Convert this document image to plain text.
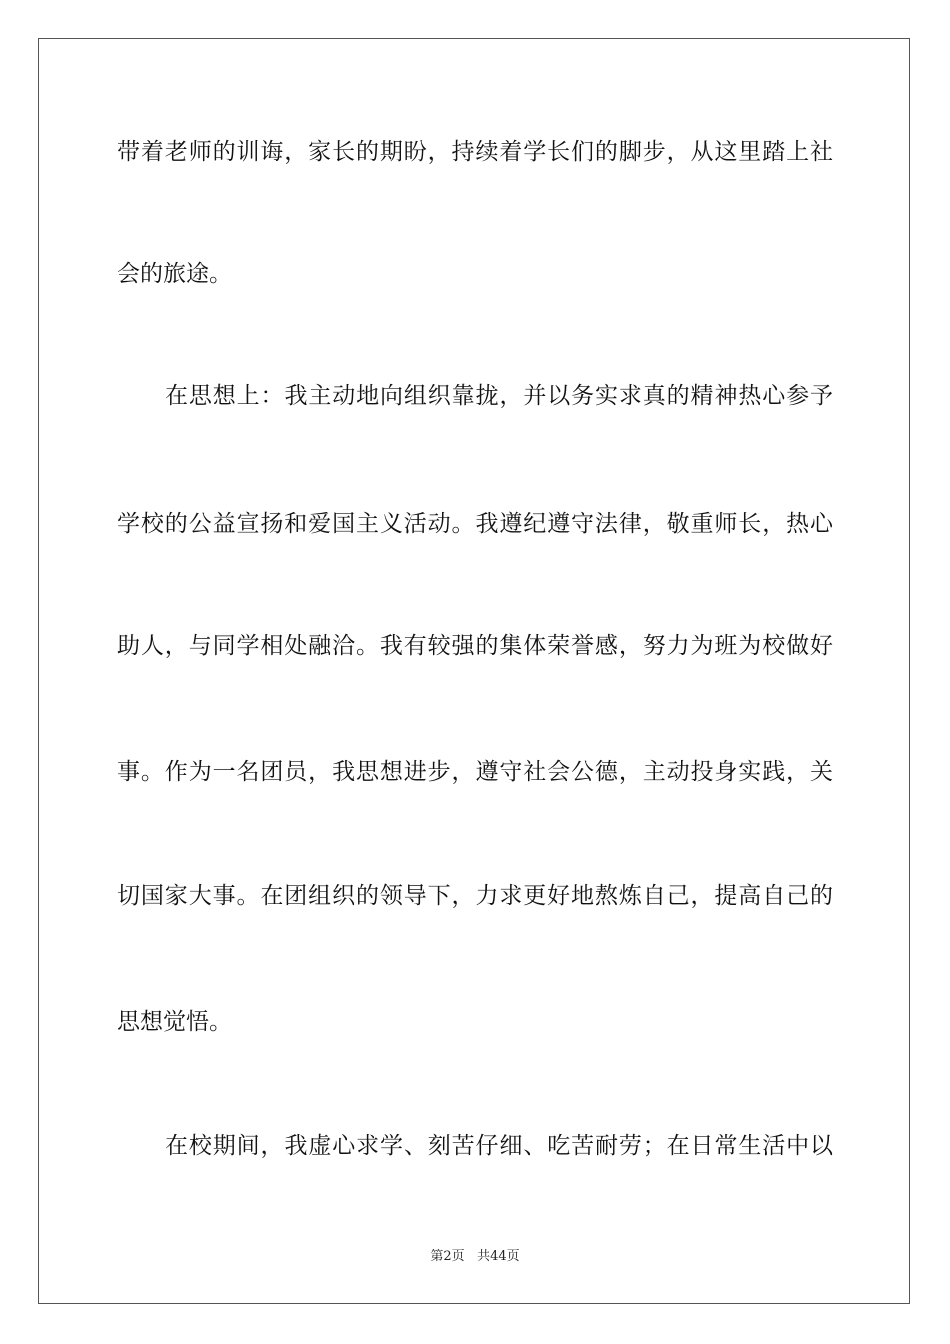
带着老师的训诲，家长的期盼，持续着学长们的脚步，从这里踏上社
会的旅途。
在思想上：我主动地向组织靠拢，并以务实求真的精神热心参予
学校的公益宣扬和爱国主义活动。我遵纪遵守法律，敬重师长，热心
助人，与同学相处融洽。我有较强的集体荣誉感，努力为班为校做好
事。作为一名团员，我思想进步，遵守社会公德，主动投身实践，关
切国家大事。在团组织的领导下，力求更好地熬炼自己，提高自己的
思想觉悟。
在校期间，我虚心求学、刻苦仔细、吃苦耐劳；在日常生活中以
第2页 共44页
